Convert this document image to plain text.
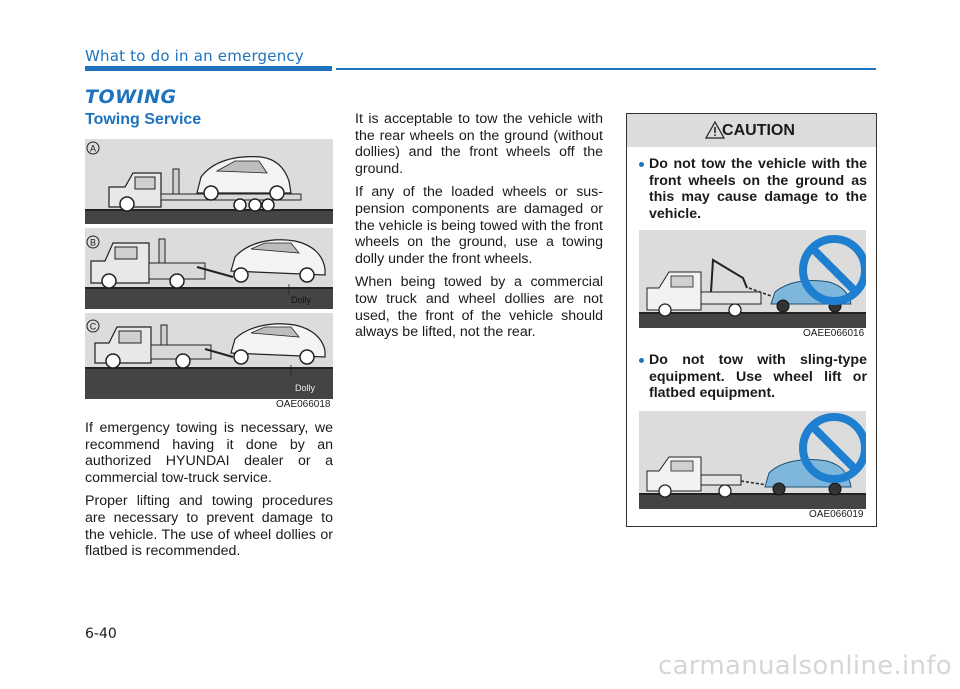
What to do in an emergency
TOWING
Towing Service
A
B
Dolly
C
Dolly
OAE066018

If emergency towing is necessary, we recommend having it done by an authorized HYUNDAI dealer or a commercial tow-truck service.

Proper lifting and towing procedures are necessary to prevent damage to the vehicle. The use of wheel dollies or flatbed is recommended.

It is acceptable to tow the vehicle with the rear wheels on the ground (without dollies) and the front wheels off the ground.

If any of the loaded wheels or sus-pension components are damaged or the vehicle is being towed with the front wheels on the ground, use a towing dolly under the front wheels.

When being towed by a commercial tow truck and wheel dollies are not used, the front of the vehicle should always be lifted, not the rear.

CAUTION
Do not tow the vehicle with the front wheels on the ground as this may cause damage to the vehicle.
OAEE066016
Do not tow with sling-type equipment. Use wheel lift or flatbed equipment.
OAE066019
6-40
carmanualsonline.info
